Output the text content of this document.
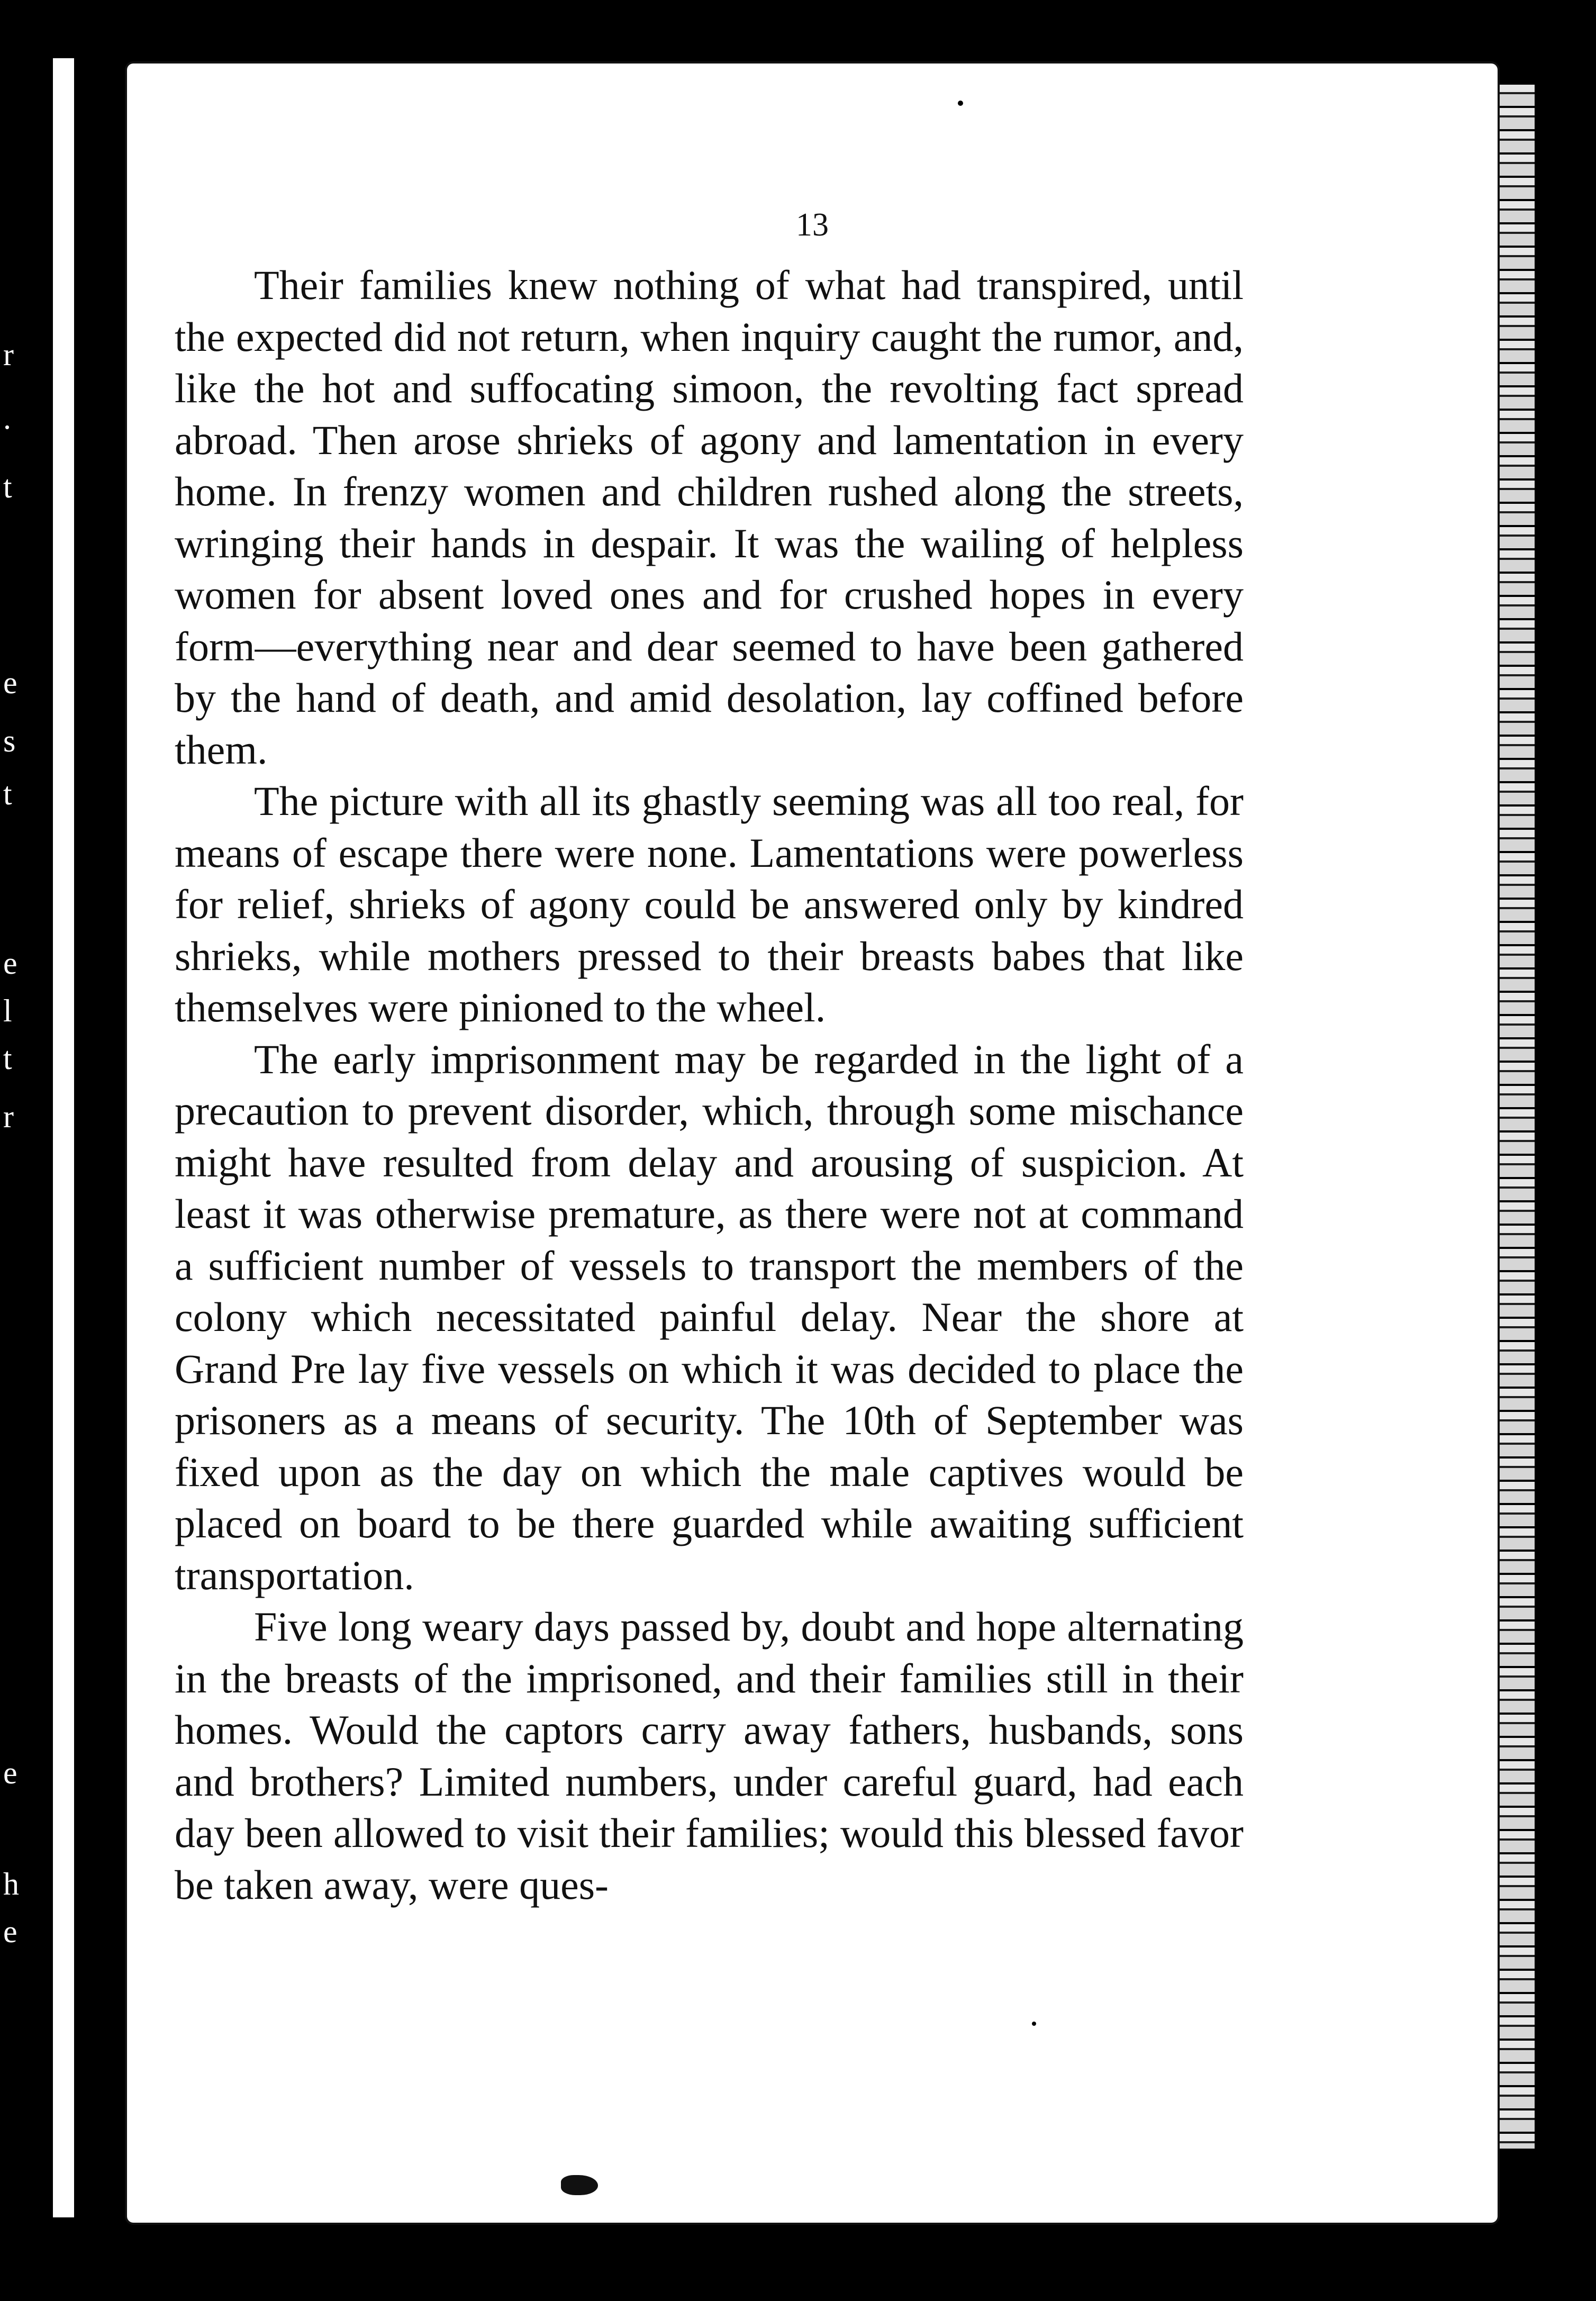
r
.
t
e
s
t
e
l
t
r
e
h
e
13

Their families knew nothing of what had transpired, until the expected did not return, when inquiry caught the rumor, and, like the hot and suffocating simoon, the revolting fact spread abroad. Then arose shrieks of agony and lamentation in every home. In frenzy women and children rushed along the streets, wringing their hands in despair. It was the wailing of helpless women for absent loved ones and for crushed hopes in every form—everything near and dear seemed to have been gathered by the hand of death, and amid desolation, lay coffined before them.

The picture with all its ghastly seeming was all too real, for means of escape there were none. Lamentations were powerless for relief, shrieks of agony could be answered only by kindred shrieks, while mothers pressed to their breasts babes that like themselves were pinioned to the wheel.

The early imprisonment may be regarded in the light of a precaution to prevent disorder, which, through some mischance might have resulted from delay and arousing of suspicion. At least it was otherwise premature, as there were not at command a sufficient number of vessels to transport the members of the colony which necessitated painful delay. Near the shore at Grand Pre lay five vessels on which it was decided to place the prisoners as a means of security. The 10th of September was fixed upon as the day on which the male captives would be placed on board to be there guarded while awaiting sufficient transportation.

Five long weary days passed by, doubt and hope alternating in the breasts of the imprisoned, and their families still in their homes. Would the captors carry away fathers, husbands, sons and brothers? Limited numbers, under careful guard, had each day been allowed to visit their families; would this blessed favor be taken away, were ques-
